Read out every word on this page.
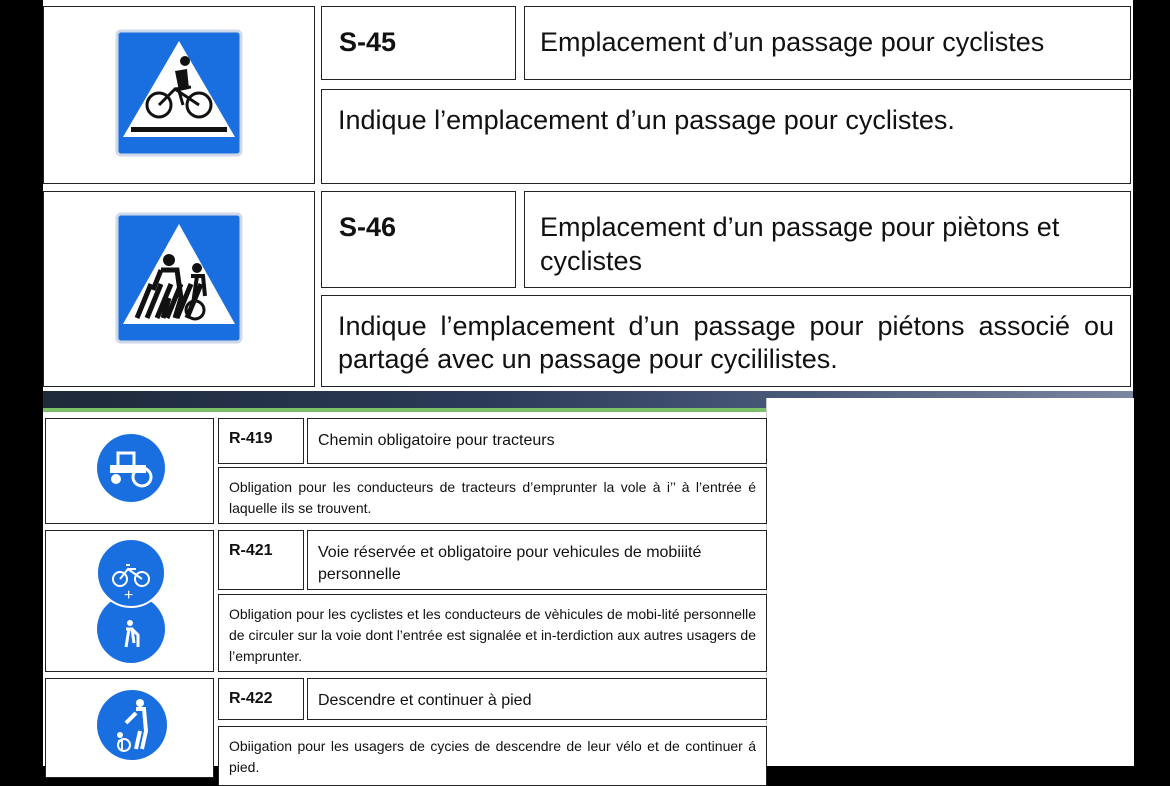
S-45	Emplacement d’un passage pour cyclistes
Indique l’emplacement d’un passage pour cyclistes.
S-46	Emplacement d’un passage pour piètons et cyclistes
Indique l’emplacement d’un passage pour piétons associé ou partagé avec un passage pour cycililistes.
R-419	Chemin obligatoire pour tracteurs
Obligation pour les conducteurs de tracteurs d’emprunter la vole à i’’ à l’entrée é laquelle ils se trouvent.
+
R-421	Voie réservée et obligatoire pour vehicules de mobiiité personnelle
Obligation pour les cyclistes et les conducteurs de vèhicules de mobi-lité personnelle de circuler sur la voie dont l’entrée est signalée et in-terdiction aux autres usagers de l’emprunter.
R-422	Descendre et continuer à pied
Obiigation pour les usagers de cycies de descendre de leur vélo et de continuer á pied.
